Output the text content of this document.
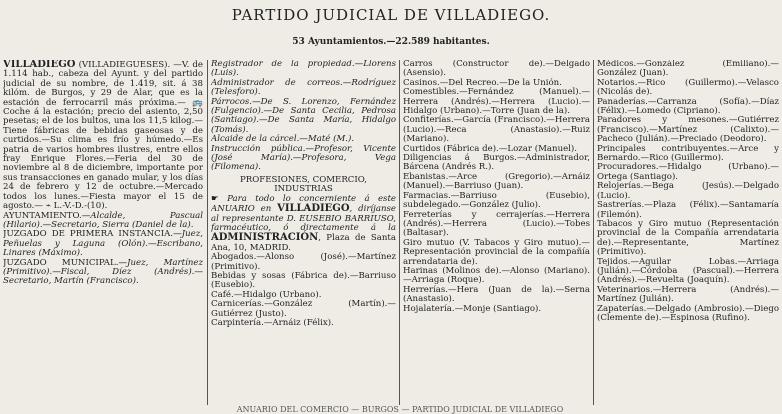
PARTIDO JUDICIAL DE VILLADIEGO.
53 Ayuntamientos.—22.589 habitantes.

VILLADIEGO (VILLADIEGUESES). —V. de 1.114 hab., cabeza del Ayunt. y del partido judicial de su nombre, de 1.419, sit. á 38 kilóm. de Burgos, y 29 de Alar, que es la estación de ferrocarril más próxima.— 🚌 Coche á la estación; precio del asiento, 2,50 pesetas; el de los bultos, una los 11,5 kilog.—Tiene fábricas de bebidas gaseosas y de curtidos.—Su clima es frío y húmedo.—Es patria de varios hombres ilustres, entre ellos fray Enrique Flores.—Feria del 30 de noviembre al 8 de diciembre, importante por sus transacciones en ganado mular, y los días 24 de febrero y 12 de octubre.—Mercado todos los lunes.—Fiesta mayor el 15 de agosto.— ⌁ L.-V.-D.-(10).

AYUNTAMIENTO.—Alcalde, Pascual (Hilario).—Secretario, Sierra (Daniel de la).

JUZGADO DE PRIMERA INSTANCIA.—Juez, Peñuelas y Laguna (Olón).—Escribano, Linares (Máximo).

JUZGADO MUNICIPAL.—Juez, Martínez (Primitivo).—Fiscal, Díez (Andrés).—Secretario, Martín (Francisco).

Registrador de la propiedad.—Llorens (Luis).

Administrador de correos.—Rodríguez (Telesforo).

Párrocos.—De S. Lorenzo, Fernández (Fulgencio).—De Santa Cecilia, Pedrosa (Santiago).—De Santa María, Hidalgo (Tomás).

Alcaide de la cárcel.—Maté (M.).

Instrucción pública.—Profesor, Vicente (José María).—Profesora, Vega (Filomena).

PROFESIONES, COMERCIO, INDUSTRIAS

☛ Para todo lo concerniente á este ANUARIO en VILLADIEGO, diríjanse al representante D. EUSEBIO BARRIUSO, farmacéutico, ó directamente á la ADMINISTRACIÓN, Plaza de Santa Ana, 10, MADRID.

Abogados.—Alonso (José).—Martínez (Primitivo).

Bebidas y sosas (Fábrica de).—Barriuso (Eusebio).

Café.—Hidalgo (Urbano).

Carnicerías.—González (Martín).—Gutiérrez (Justo).

Carpintería.—Arnáiz (Félix).

Carros (Constructor de).—Delgado (Asensio).

Casinos.—Del Recreo.—De la Unión.

Comestibles.—Fernández (Manuel).—Herrera (Andrés).—Herrera (Lucio).—Hidalgo (Urbano).—Torre (Juan de la).

Confiterías.—García (Francisco).—Herrera (Lucio).—Reca (Anastasio).—Ruiz (Mariano).

Curtidos (Fábrica de).—Lozar (Manuel).

Diligencias á Burgos.—Administrador, Bárcena (Andrés R.).

Ebanistas.—Arce (Gregorio).—Arnáiz (Manuel).—Barriuso (Juan).

Farmacias.—Barriuso (Eusebio), subdelegado.—González (Julio).

Ferreterías y cerrajerías.—Herrera (Andrés).—Herrera (Lucio).—Tobes (Baltasar).

Giro mutuo (V. Tabacos y Giro mutuo).—Representación provincial de la compañía arrendataria de).

Harinas (Molinos de).—Alonso (Mariano).—Arriaga (Roque).

Herrerías.—Hera (Juan de la).—Serna (Anastasio).

Hojalatería.—Monje (Santiago).

Médicos.—González (Emiliano).—González (Juan).

Notarios.—Rico (Guillermo).—Velasco (Nicolás de).

Panaderías.—Carranza (Sofía).—Díaz (Félix).—Lomedo (Cipriano).

Paradores y mesones.—Gutiérrez (Francisco).—Martínez (Calixto).—Pacheco (Julián).—Preciado (Deodoro).

Principales contribuyentes.—Arce y Bernardo.—Rico (Guillermo).

Procuradores.—Hidalgo (Urbano).—Ortega (Santiago).

Relojerías.—Bega (Jesús).—Delgado (Lucio).

Sastrerías.—Plaza (Félix).—Santamaría (Filemón).

Tabacos y Giro mutuo (Representación provincial de la Compañía arrendataria de).—Representante, Martínez (Primitivo).

Tejidos.—Aguilar Lobas.—Arriaga (Julián).—Córdoba (Pascual).—Herrera (Andrés).—Revuelta (Joaquín).

Veterinarios.—Herrera (Andrés).—Martínez (Julián).

Zapaterías.—Delgado (Ambrosio).—Diego (Clemente de).—Espinosa (Rufino).

ANUARIO DEL COMERCIO — BURGOS — PARTIDO JUDICIAL DE VILLADIEGO
